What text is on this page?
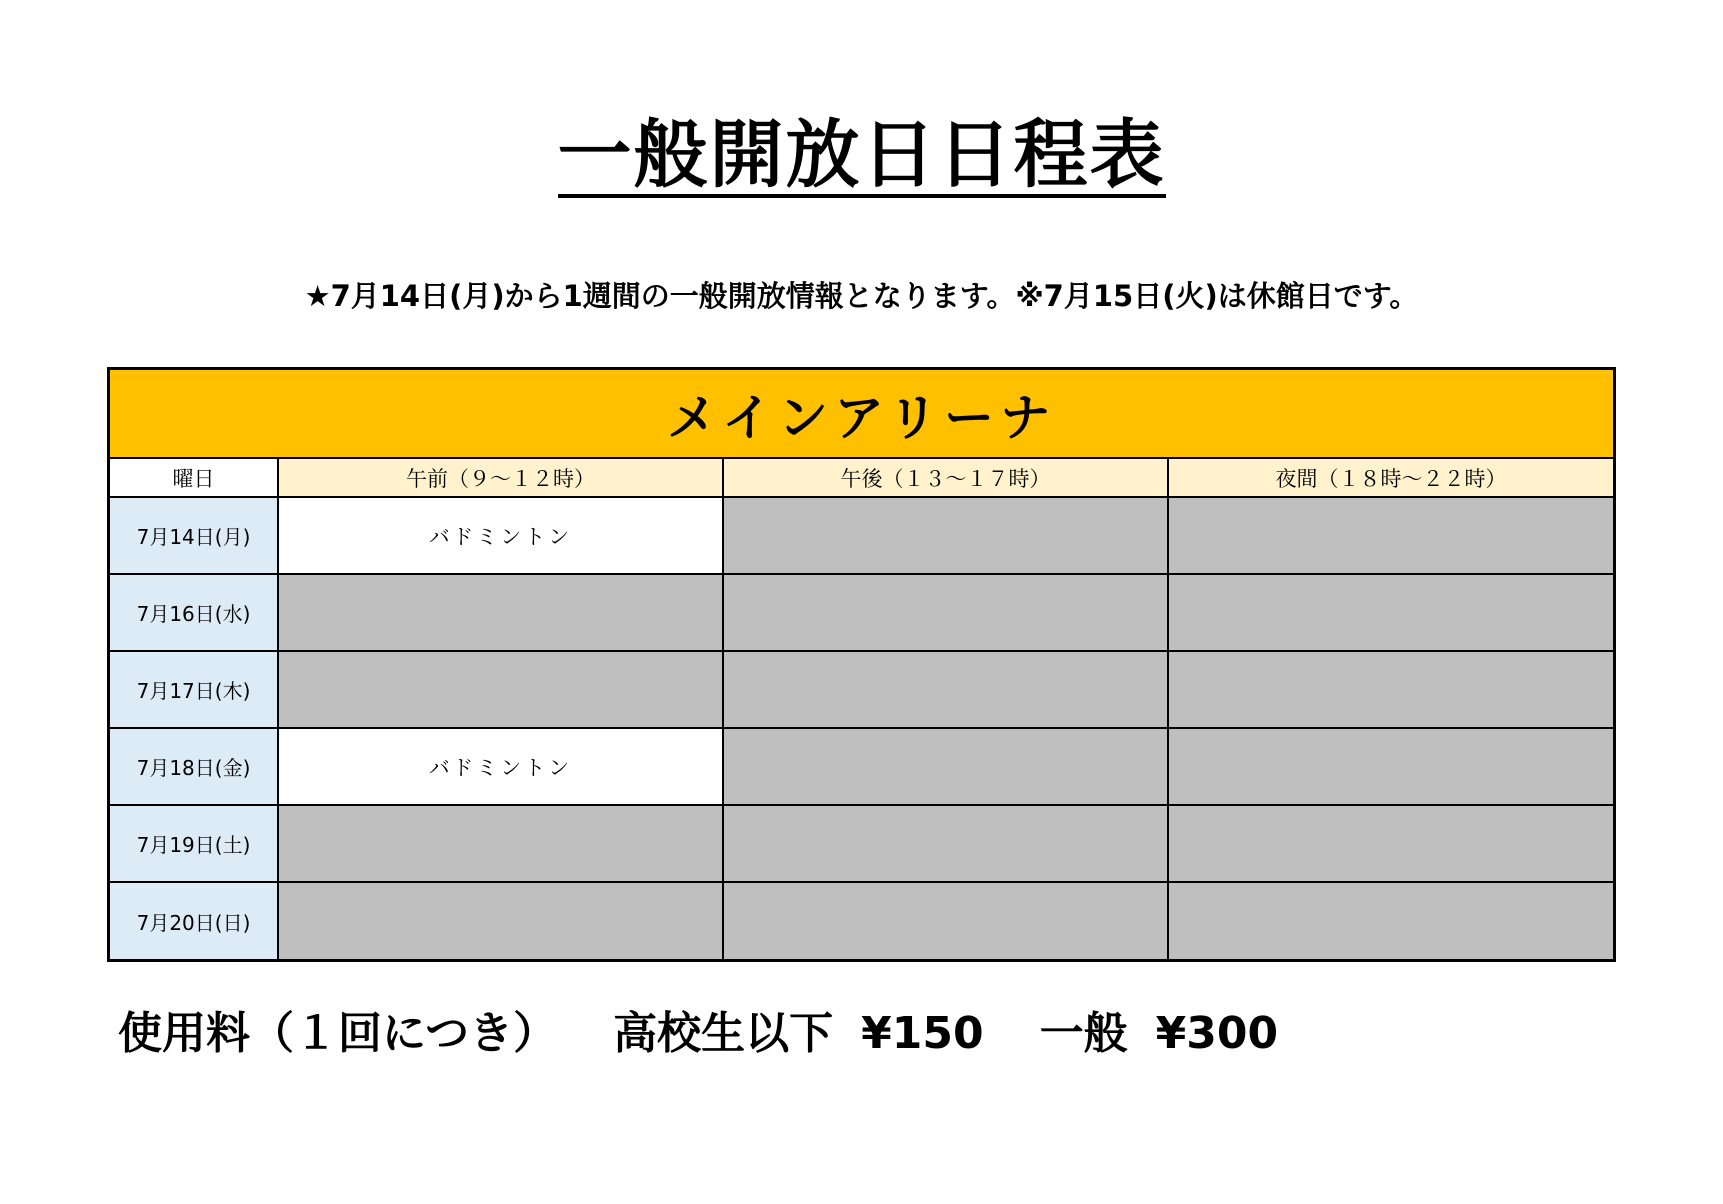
一般開放日日程表
★7月14日(月)から1週間の一般開放情報となります。※7月15日(火)は休館日です。
メインアリーナ
曜日	午前（９～１２時）	午後（１３～１７時）	夜間（１８時～２２時）
7月14日(月)	バドミントン		
7月16日(水)			
7月17日(木)			
7月18日(金)	バドミントン		
7月19日(土)			
7月20日(日)			
使用料（１回につき） 高校生以下 ¥150 一般 ¥300
